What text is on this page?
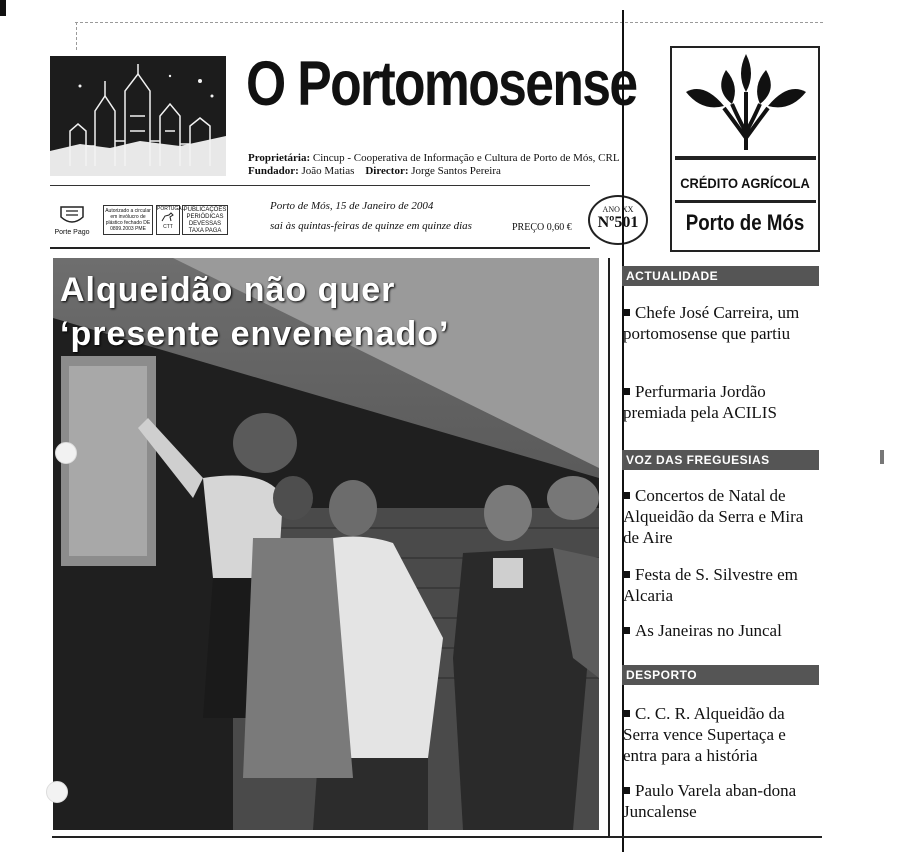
O Portomosense
Proprietária: Cincup - Cooperativa de Informação e Cultura de Porto de Mós, CRL
Fundador: João Matias Director: Jorge Santos Pereira
Porte Pago
Autorizado a circular em invólucro de plástico fechado DE 0899.2003 PME
PORTUGAL
CTT
PUBLICAÇÕES PERIÓDICAS DEVESSAS TAXA PAGA
Porto de Mós, 15 de Janeiro de 2004
sai às quintas-feiras de quinze em quinze dias	PREÇO 0,60 €
ANO XX
Nº501
CRÉDITO AGRÍCOLA
Porto de Mós
Alqueidão não quer
‘presente envenenado’
ACTUALIDADE
Chefe José Carreira, um portomosense que partiu
Perfurmaria Jordão premiada pela ACILIS
VOZ DAS FREGUESIAS
Concertos de Natal de Alqueidão da Serra e Mira de Aire
Festa de S. Silvestre em Alcaria
As Janeiras no Juncal
DESPORTO
C. C. R. Alqueidão da Serra vence Supertaça e entra para a história
Paulo Varela aban-dona Juncalense
